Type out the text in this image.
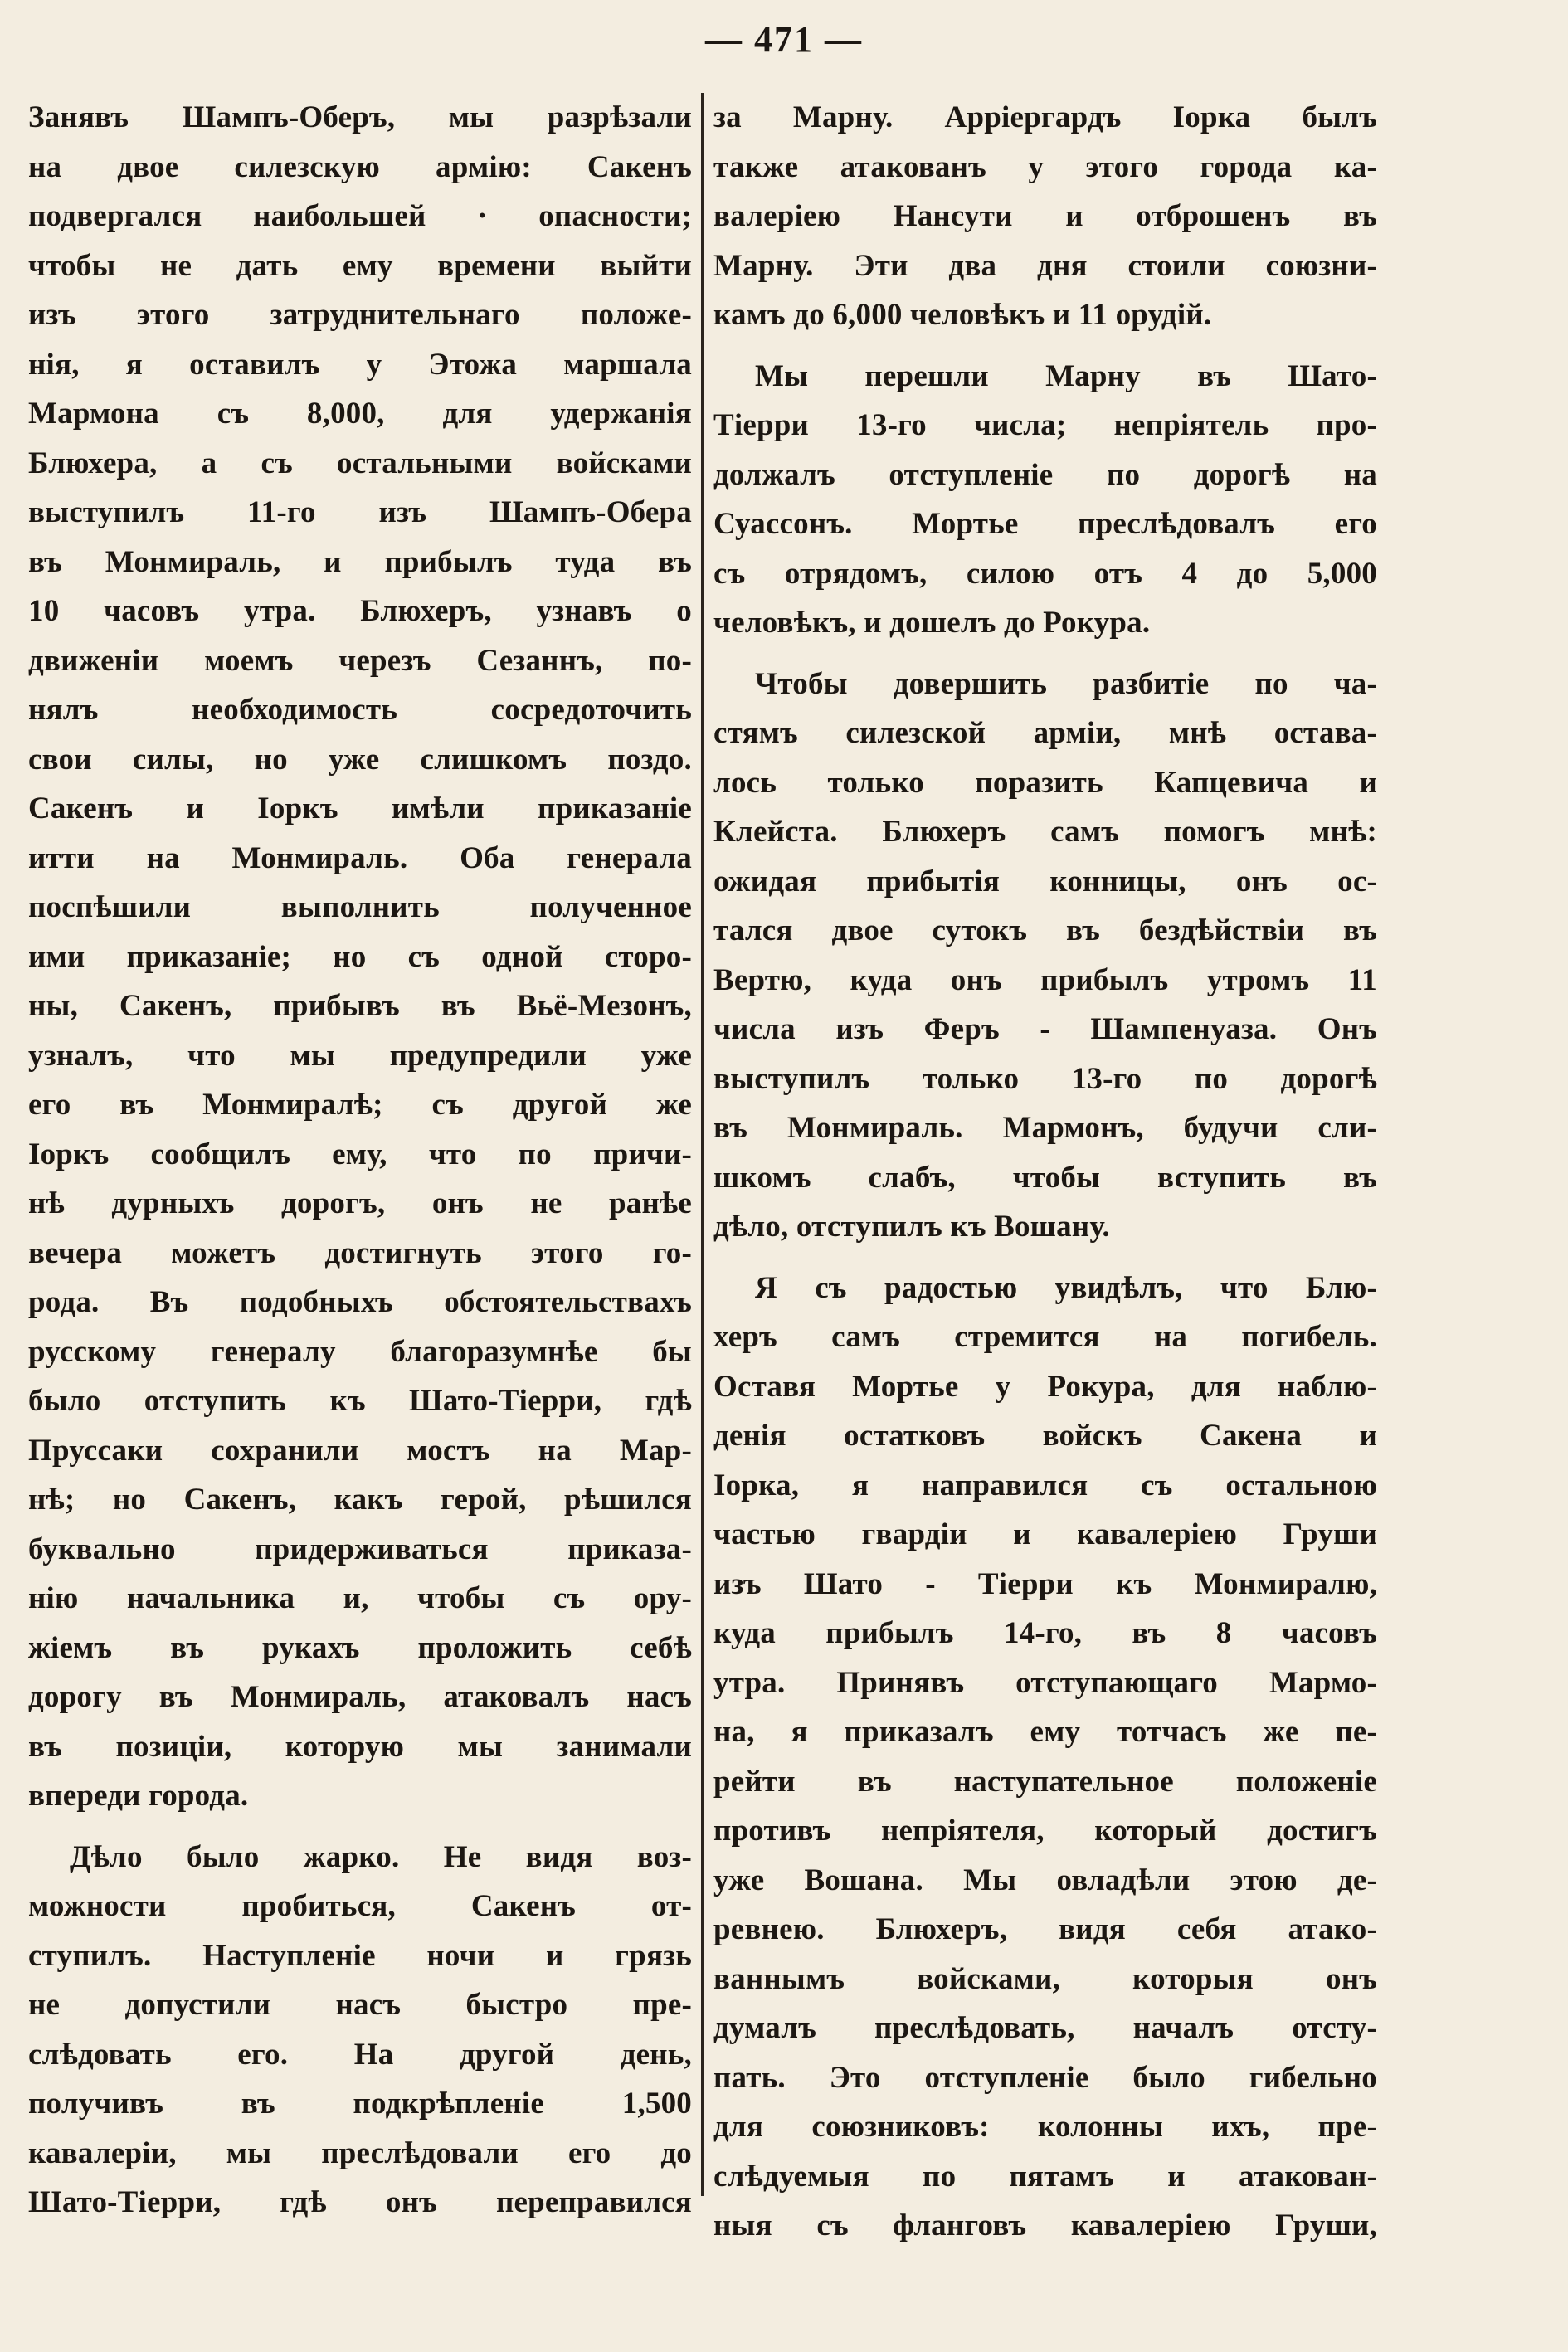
— 471 —
Занявъ Шампъ-Оберъ, мы разрѣзали
на двое силезскую армію: Сакенъ
подвергался наибольшей · опасности;
чтобы не дать ему времени выйти
изъ этого затруднительнаго положе-
нія, я оставилъ у Этожа маршала
Мармона съ 8,000, для удержанія
Блюхера, а съ остальными войсками
выступилъ 11-го изъ Шампъ-Обера
въ Монмираль, и прибылъ туда въ
10 часовъ утра. Блюхеръ, узнавъ о
движеніи моемъ черезъ Сезаннъ, по-
нялъ необходимость сосредоточить
свои силы, но уже слишкомъ поздо.
Сакенъ и Іоркъ имѣли приказаніе
итти на Монмираль. Оба генерала
поспѣшили выполнить полученное
ими приказаніе; но съ одной сторо-
ны, Сакенъ, прибывъ въ Вьё-Мезонъ,
узналъ, что мы предупредили уже
его въ Монмиралѣ; съ другой же
Іоркъ сообщилъ ему, что по причи-
нѣ дурныхъ дорогъ, онъ не ранѣе
вечера можетъ достигнуть этого го-
рода. Въ подобныхъ обстоятельствахъ
русскому генералу благоразумнѣе бы
было отступить къ Шато-Тіерри, гдѣ
Пруссаки сохранили мостъ на Мар-
нѣ; но Сакенъ, какъ герой, рѣшился
буквально придерживаться приказа-
нію начальника и, чтобы съ ору-
жіемъ въ рукахъ проложить себѣ
дорогу въ Монмираль, атаковалъ насъ
въ позиціи, которую мы занимали
впереди города.
Дѣло было жарко. Не видя воз-
можности пробиться, Сакенъ от-
ступилъ. Наступленіе ночи и грязь
не допустили насъ быстро пре-
слѣдовать его. На другой день,
получивъ въ подкрѣпленіе 1,500
кавалеріи, мы преслѣдовали его до
Шато-Тіерри, гдѣ онъ переправился
за Марну. Арріергардъ Іорка былъ
также атакованъ у этого города ка-
валеріею Нансути и отброшенъ въ
Марну. Эти два дня стоили союзни-
камъ до 6,000 человѣкъ и 11 орудій.
Мы перешли Марну въ Шато-
Тіерри 13-го числа; непріятель про-
должалъ отступленіе по дорогѣ на
Суассонъ. Мортье преслѣдовалъ его
съ отрядомъ, силою отъ 4 до 5,000
человѣкъ, и дошелъ до Рокура.
Чтобы довершить разбитіе по ча-
стямъ силезской арміи, мнѣ остава-
лось только поразить Капцевича и
Клейста. Блюхеръ самъ помогъ мнѣ:
ожидая прибытія конницы, онъ ос-
тался двое сутокъ въ бездѣйствіи въ
Вертю, куда онъ прибылъ утромъ 11
числа изъ Феръ - Шампенуаза. Онъ
выступилъ только 13-го по дорогѣ
въ Монмираль. Мармонъ, будучи сли-
шкомъ слабъ, чтобы вступить въ
дѣло, отступилъ къ Вошану.
Я съ радостью увидѣлъ, что Блю-
херъ самъ стремится на погибель.
Оставя Мортье у Рокура, для наблю-
денія остатковъ войскъ Сакена и
Іорка, я направился съ остальною
частью гвардіи и кавалеріею Груши
изъ Шато - Тіерри къ Монмиралю,
куда прибылъ 14-го, въ 8 часовъ
утра. Принявъ отступающаго Мармо-
на, я приказалъ ему тотчасъ же пе-
рейти въ наступательное положеніе
противъ непріятеля, который достигъ
уже Вошана. Мы овладѣли этою де-
ревнею. Блюхеръ, видя себя атако-
ваннымъ войсками, которыя онъ
думалъ преслѣдовать, началъ отсту-
пать. Это отступленіе было гибельно
для союзниковъ: колонны ихъ, пре-
слѣдуемыя по пятамъ и атакован-
ныя съ фланговъ кавалеріею Груши,
